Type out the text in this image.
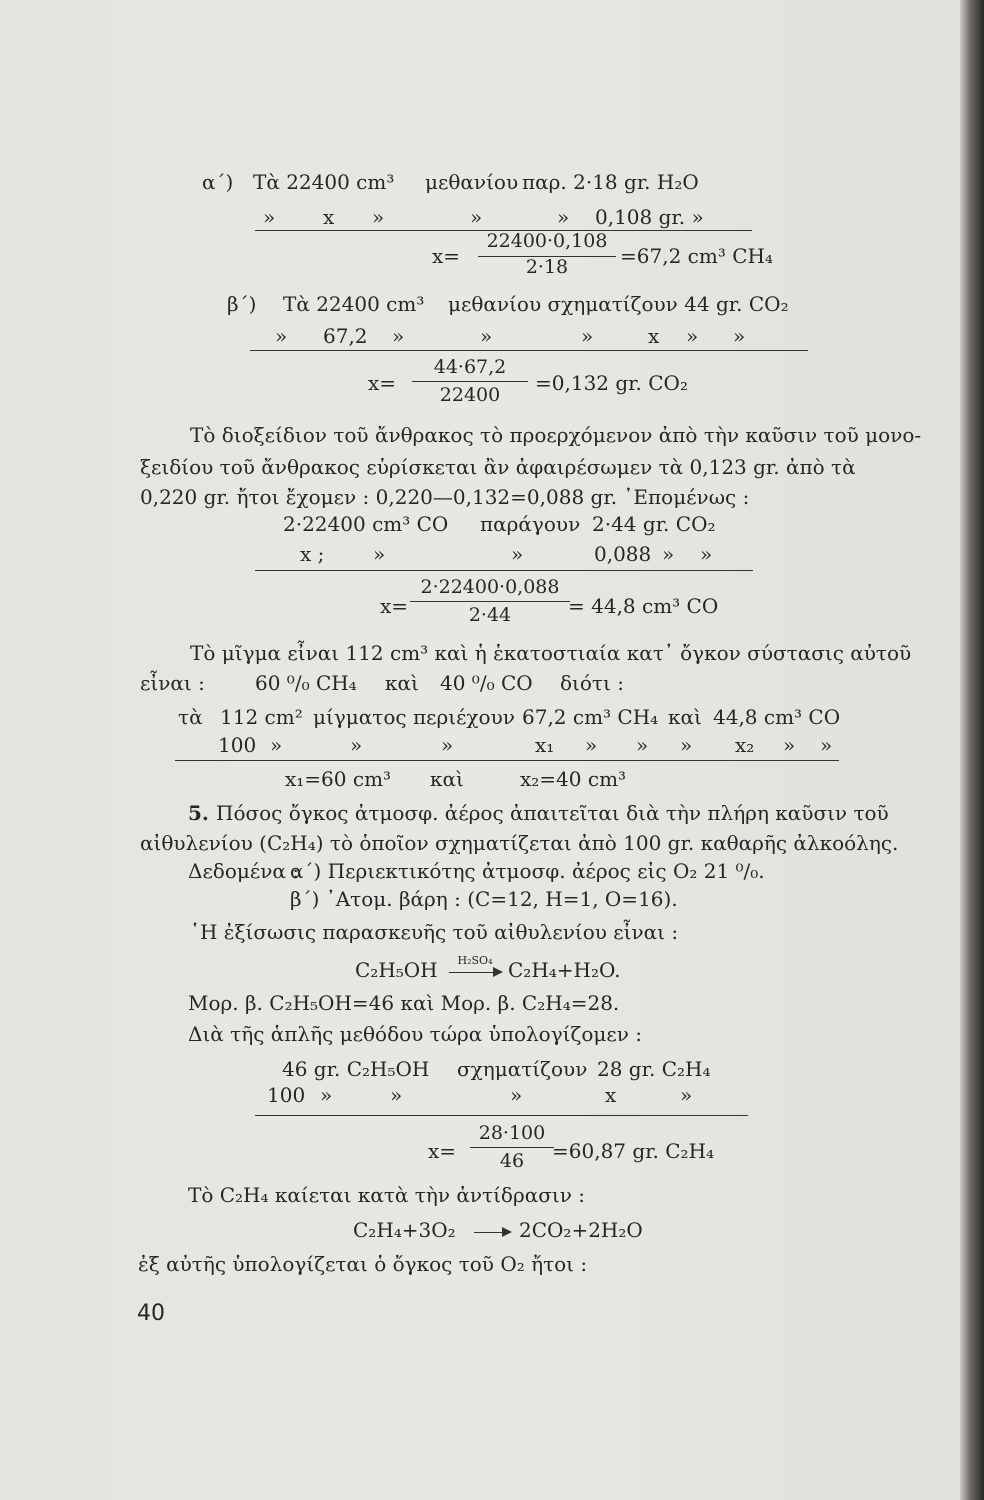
α΄) Τὰ 22400 cm³ μεθανίου παρ. 2·18 gr. H₂O
» x »	»	» 0,108 gr. »
x=
22400·0,108
2·18	=67,2 cm³ CH₄
β΄) Τὰ 22400 cm³ μεθανίου σχηματίζουν 44 gr. CO₂
» 67,2 »	»	»	x » »
x=
44·67,2
22400	=0,132 gr. CO₂
Τὸ διοξείδιον τοῦ ἄνθρακος τὸ προερχόμενον ἀπὸ τὴν καῦσιν τοῦ μονο-
ξειδίου τοῦ ἄνθρακος εὑρίσκεται ἂν ἀφαιρέσωμεν τὰ 0,123 gr. ἀπὸ τὰ
0,220 gr. ἤτοι ἔχομεν : 0,220—0,132=0,088 gr. ῾Επομένως :
2·22400 cm³ CO παράγουν 2·44 gr. CO₂
x ; »	»	0,088 » »
x=
2·22400·0,088
2·44	= 44,8 cm³ CO
Τὸ μῖγμα εἶναι 112 cm³ καὶ ἡ ἑκατοστιαία κατ᾽ ὄγκον σύστασις αὐτοῦ
εἶναι :	60 ⁰/₀ CH₄ καὶ 40 ⁰/₀ CO διότι :
τὰ 112 cm² μίγματος περιέχουν 67,2 cm³ CH₄ καὶ 44,8 cm³ CO
100 »	»	»	x₁ » » » x₂ » »
x₁=60 cm³ καὶ	x₂=40 cm³
5. Πόσος ὄγκος ἀτμοσφ. ἀέρος ἀπαιτεῖται διὰ τὴν πλήρη καῦσιν τοῦ
αἰθυλενίου (C₂H₄) τὸ ὁποῖον σχηματίζεται ἀπὸ 100 gr. καθαρῆς ἀλκοόλης.
Δεδομένα :
α΄) Περιεκτικότης ἀτμοσφ. ἀέρος εἰς O₂ 21 ⁰/₀.
β΄) ᾿Ατομ. βάρη : (C=12, H=1, O=16).
῾Η ἐξίσωσις παρασκευῆς τοῦ αἰθυλενίου εἶναι :
C₂H₅OH	H₂SO₄ C₂H₄+H₂O.
Μορ. β. C₂H₅OH=46 καὶ Μορ. β. C₂H₄=28.
Διὰ τῆς ἁπλῆς μεθόδου τώρα ὑπολογίζομεν :
46 gr. C₂H₅OH σχηματίζουν 28 gr. C₂H₄
100 »	»	»	x	»
x=
28·100
46	=60,87 gr. C₂H₄
Τὸ C₂H₄ καίεται κατὰ τὴν ἀντίδρασιν :
C₂H₄+3O₂	2CO₂+2H₂O
ἐξ αὐτῆς ὑπολογίζεται ὁ ὄγκος τοῦ O₂ ἤτοι :
40
